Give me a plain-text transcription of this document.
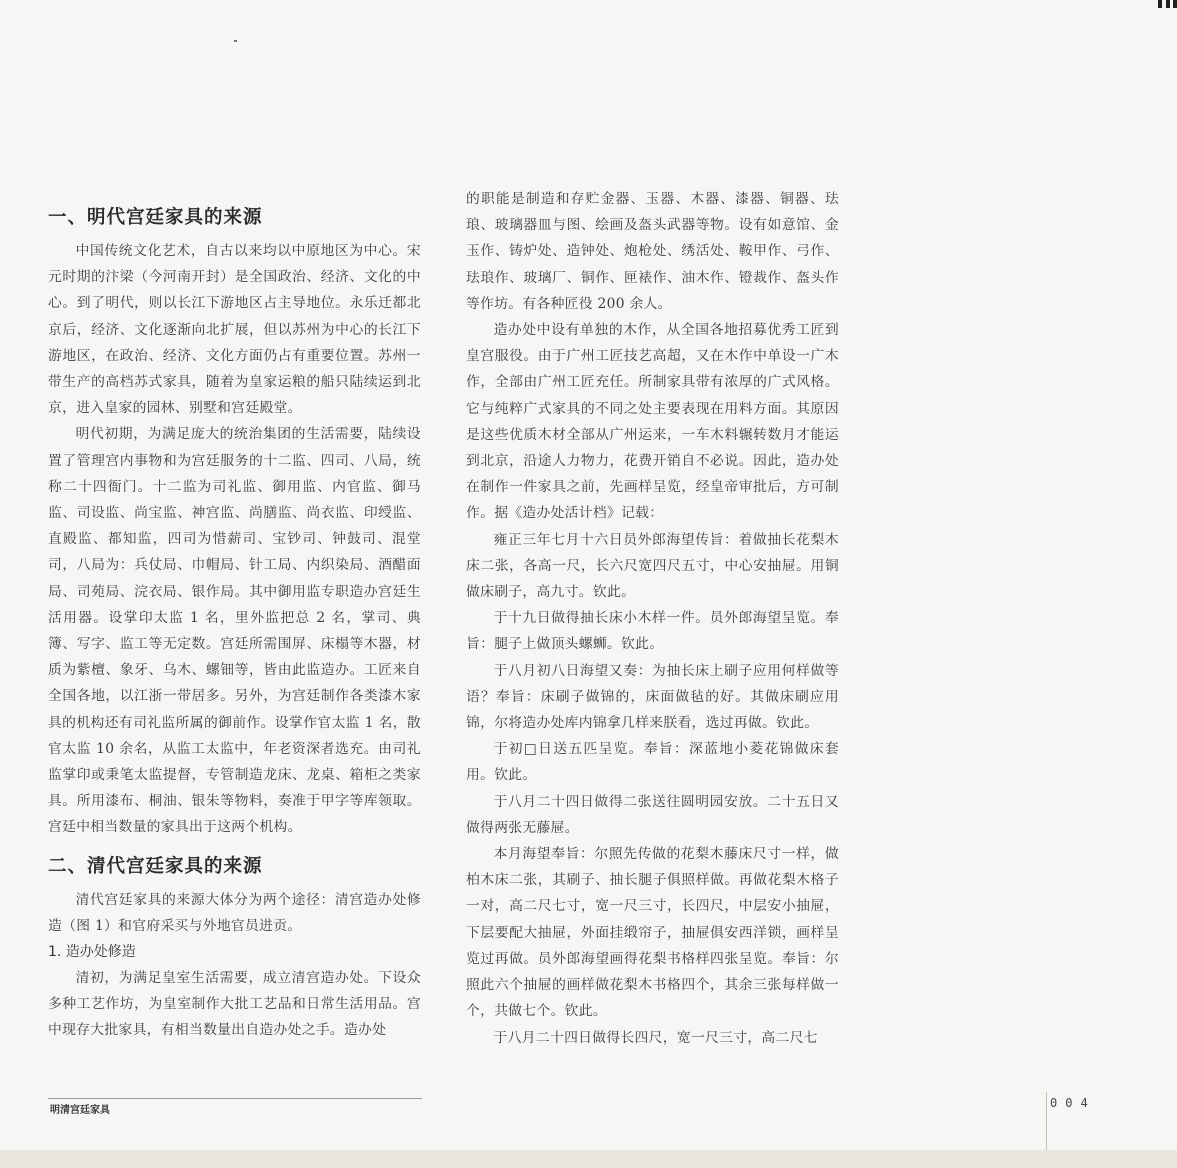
一、明代宫廷家具的来源

中国传统文化艺术，自古以来均以中原地区为中心。宋元时期的汴梁（今河南开封）是全国政治、经济、文化的中心。到了明代，则以长江下游地区占主导地位。永乐迁都北京后，经济、文化逐渐向北扩展，但以苏州为中心的长江下游地区，在政治、经济、文化方面仍占有重要位置。苏州一带生产的高档苏式家具，随着为皇家运粮的船只陆续运到北京，进入皇家的园林、别墅和宫廷殿堂。

明代初期，为满足庞大的统治集团的生活需要，陆续设置了管理宫内事物和为宫廷服务的十二监、四司、八局，统称二十四衙门。十二监为司礼监、御用监、内官监、御马监、司设监、尚宝监、神宫监、尚膳监、尚衣监、印绶监、直殿监、都知监，四司为惜薪司、宝钞司、钟鼓司、混堂司，八局为：兵仗局、巾帽局、针工局、内织染局、酒醋面局、司苑局、浣衣局、银作局。其中御用监专职造办宫廷生活用器。设掌印太监 1 名，里外监把总 2 名，掌司、典簿、写字、监工等无定数。宫廷所需围屏、床榻等木器，材质为紫檀、象牙、乌木、螺钿等，皆由此监造办。工匠来自全国各地，以江浙一带居多。另外，为宫廷制作各类漆木家具的机构还有司礼监所属的御前作。设掌作官太监 1 名，散官太监 10 余名，从监工太监中，年老资深者选充。由司礼监掌印或秉笔太监提督，专管制造龙床、龙桌、箱柜之类家具。所用漆布、桐油、银朱等物料，奏准于甲字等库领取。宫廷中相当数量的家具出于这两个机构。

二、清代宫廷家具的来源

清代宫廷家具的来源大体分为两个途径：清宫造办处修造（图 1）和官府采买与外地官员进贡。

1. 造办处修造

清初，为满足皇室生活需要，成立清宫造办处。下设众多种工艺作坊，为皇室制作大批工艺品和日常生活用品。宫中现存大批家具，有相当数量出自造办处之手。造办处

的职能是制造和存贮金器、玉器、木器、漆器、铜器、珐琅、玻璃器皿与图、绘画及盔头武器等物。设有如意馆、金玉作、铸炉处、造钟处、炮枪处、绣活处、鞍甲作、弓作、珐琅作、玻璃厂、铜作、匣裱作、油木作、镫裁作、盔头作等作坊。有各种匠役 200 余人。

造办处中设有单独的木作，从全国各地招募优秀工匠到皇宫服役。由于广州工匠技艺高超，又在木作中单设一广木作，全部由广州工匠充任。所制家具带有浓厚的广式风格。它与纯粹广式家具的不同之处主要表现在用料方面。其原因是这些优质木材全部从广州运来，一车木料辗转数月才能运到北京，沿途人力物力，花费开销自不必说。因此，造办处在制作一件家具之前，先画样呈览，经皇帝审批后，方可制作。据《造办处活计档》记载：

雍正三年七月十六日员外郎海望传旨：着做抽长花梨木床二张，各高一尺，长六尺宽四尺五寸，中心安抽屉。用铜做床刷子，高九寸。钦此。

于十九日做得抽长床小木样一件。员外郎海望呈览。奉旨：腿子上做顶头螺蛳。钦此。

于八月初八日海望又奏：为抽长床上刷子应用何样做等语？奉旨：床刷子做锦的，床面做毡的好。其做床刷应用锦，尔将造办处库内锦拿几样来朕看，选过再做。钦此。

于初□日送五匹呈览。奉旨：深蓝地小菱花锦做床套用。钦此。

于八月二十四日做得二张送往圆明园安放。二十五日又做得两张无藤屉。

本月海望奉旨：尔照先传做的花梨木藤床尺寸一样，做柏木床二张，其刷子、抽长腿子俱照样做。再做花梨木格子一对，高二尺七寸，宽一尺三寸，长四尺，中层安小抽屉，下层要配大抽屉，外面挂缎帘子，抽屉俱安西洋锁，画样呈览过再做。员外郎海望画得花梨书格样四张呈览。奉旨：尔照此六个抽屉的画样做花梨木书格四个，其余三张每样做一个，共做七个。钦此。

于八月二十四日做得长四尺，宽一尺三寸，高二尺七

明清宫廷家具
004
